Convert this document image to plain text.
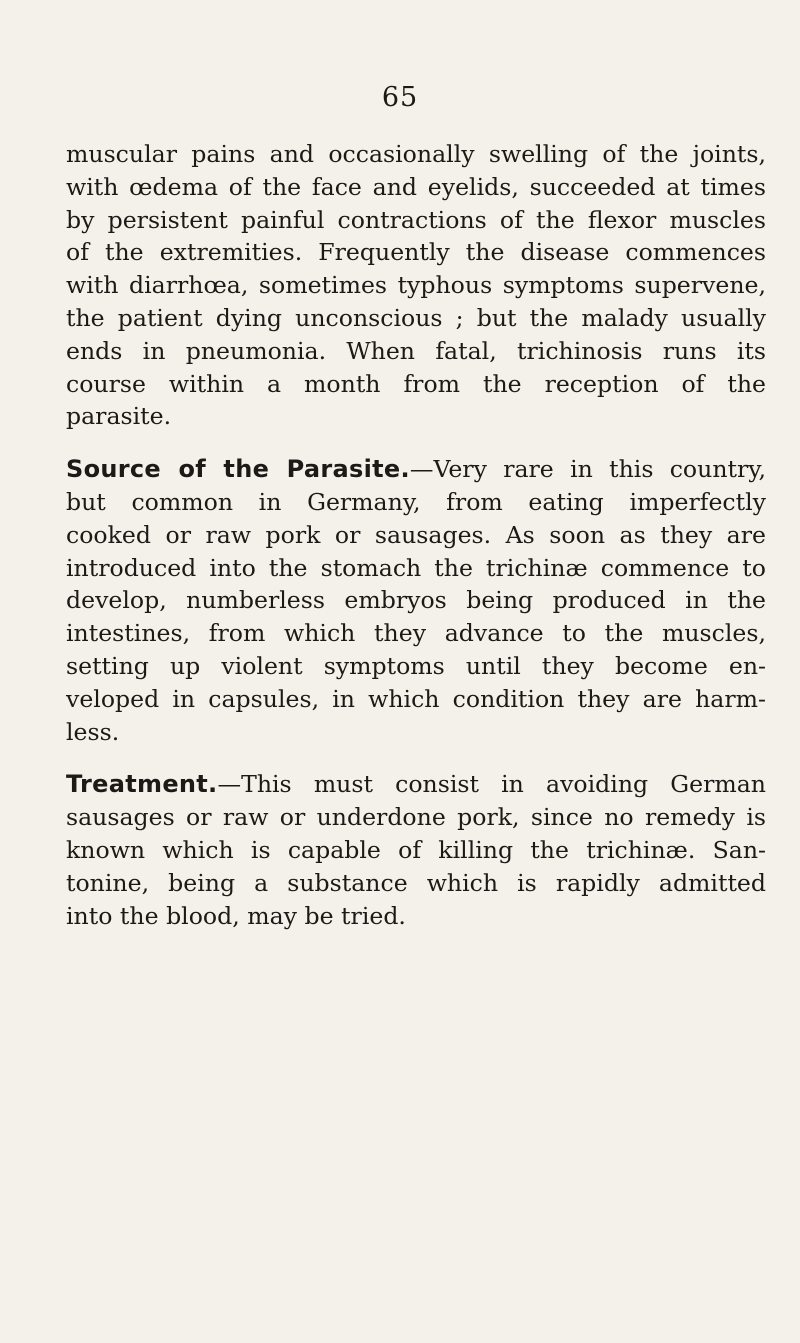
65

muscular pains and occasionally swelling of the joints,
with œdema of the face and eyelids, succeeded at times
by persistent painful contractions of the flexor muscles
of the extremities. Frequently the disease commences
with diarrhœa, sometimes typhous symptoms supervene,
the patient dying unconscious ; but the malady usually
ends in pneumonia. When fatal, trichinosis runs its
course within a month from the reception of the
parasite.

Source of the Parasite.—Very rare in this country,
but common in Germany, from eating imperfectly
cooked or raw pork or sausages. As soon as they are
introduced into the stomach the trichinæ commence to
develop, numberless embryos being produced in the
intestines, from which they advance to the muscles,
setting up violent symptoms until they become en-
veloped in capsules, in which condition they are harm-
less.

Treatment.—This must consist in avoiding German
sausages or raw or underdone pork, since no remedy is
known which is capable of killing the trichinæ. San-
tonine, being a substance which is rapidly admitted
into the blood, may be tried.
